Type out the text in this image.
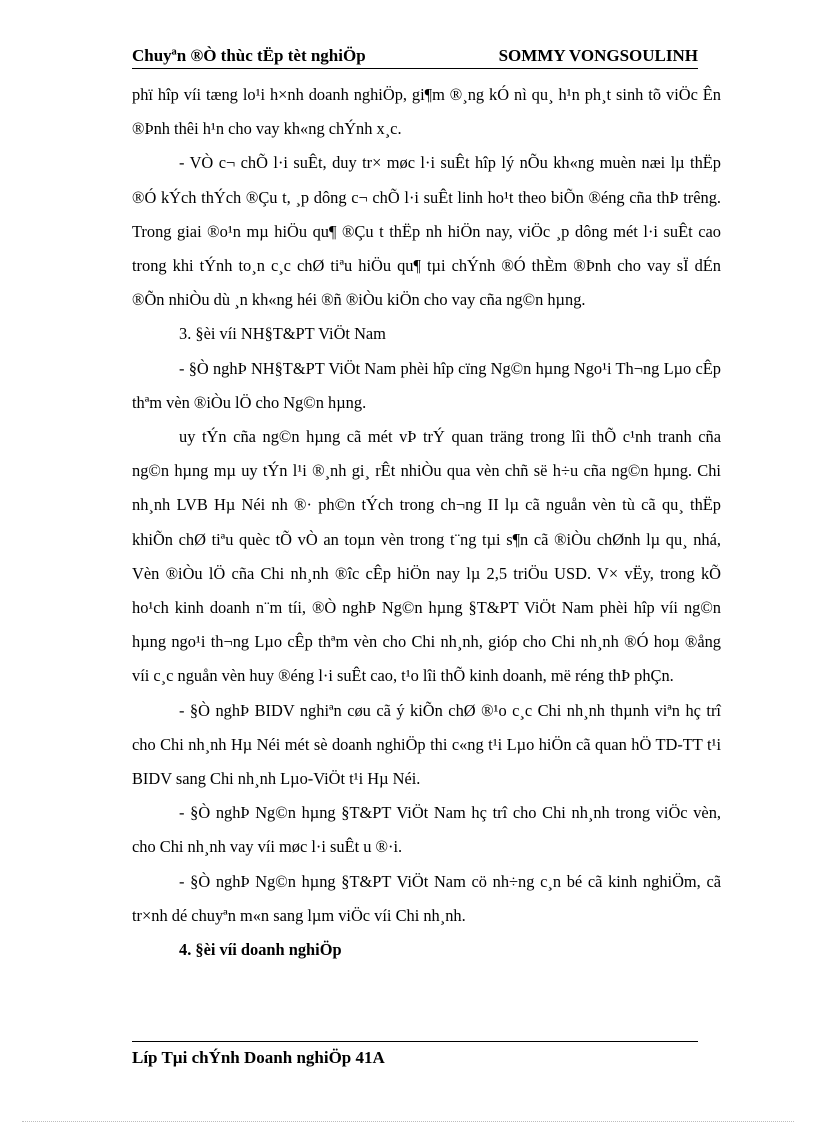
Chuyªn ®Ò thùc tËp tèt nghiÖp	SOMMY VONGSOULINH

phï hîp víi tæng lo¹i h×nh doanh nghiÖp, gi¶m ®¸ng kÓ nì qu¸ h¹n ph¸t sinh tõ viÖc Ên ®Þnh thêi h¹n cho vay kh«ng chÝnh x¸c.

- VÒ c¬ chÕ l·i suÊt, duy tr× møc l·i suÊt hîp lý nÕu kh«ng muèn næi lµ thËp ®Ó kÝch thÝch ®Çu t, ¸p dông c¬ chÕ l·i suÊt linh ho¹t theo biÕn ®éng cña thÞ trêng. Trong giai ®o¹n mµ hiÖu qu¶ ®Çu t thËp nh hiÖn nay, viÖc ¸p dông mét l·i suÊt cao trong khi tÝnh to¸n c¸c chØ tiªu hiÖu qu¶ tµi chÝnh ®Ó thÈm ®Þnh cho vay sÏ dÉn ®Õn nhiÒu dù ¸n kh«ng héi ®ñ ®iÒu kiÖn cho vay cña ng©n hµng.

3. §èi víi NH§T&PT ViÖt Nam

- §Ò nghÞ NH§T&PT ViÖt Nam phèi hîp cïng Ng©n hµng Ngo¹i Th¬ng Lµo cÊp thªm vèn ®iÒu lÖ cho Ng©n hµng.

uy tÝn cña ng©n hµng cã mét vÞ trÝ quan träng trong lîi thÕ c¹nh tranh cña ng©n hµng mµ uy tÝn l¹i ®¸nh gi¸ rÊt nhiÒu qua vèn chñ së h÷u cña ng©n hµng. Chi nh¸nh LVB Hµ Néi nh ®· ph©n tÝch trong ch¬ng II lµ cã nguån vèn tù cã qu¸ thËp khiÕn chØ tiªu quèc tÕ vÒ an toµn vèn trong t¨ng tµi s¶n cã ®iÒu chØnh lµ qu¸ nhá, Vèn ®iÒu lÖ cña Chi nh¸nh ®îc cÊp hiÖn nay lµ 2,5 triÖu USD. V× vËy, trong kÕ ho¹ch kinh doanh n¨m tíi, ®Ò nghÞ Ng©n hµng §T&PT ViÖt Nam phèi hîp víi ng©n hµng ngo¹i th¬ng Lµo cÊp thªm vèn cho Chi nh¸nh, gióp cho Chi nh¸nh ®Ó hoµ ®ång víi c¸c nguån vèn huy ®éng l·i suÊt cao, t¹o lîi thÕ kinh doanh, më réng thÞ phÇn.

- §Ò nghÞ BIDV nghiªn cøu cã ý kiÕn chØ ®¹o c¸c Chi nh¸nh thµnh viªn hç trî cho Chi nh¸nh Hµ Néi mét sè doanh nghiÖp thi c«ng t¹i Lµo hiÖn cã quan hÖ TD-TT t¹i BIDV sang Chi nh¸nh Lµo-ViÖt t¹i Hµ Néi.

- §Ò nghÞ Ng©n hµng §T&PT ViÖt Nam hç trî cho Chi nh¸nh trong viÖc vèn, cho Chi nh¸nh vay víi møc l·i suÊt u ®·i.

- §Ò nghÞ Ng©n hµng §T&PT ViÖt Nam cö nh÷ng c¸n bé cã kinh nghiÖm, cã tr×nh dé chuyªn m«n sang lµm viÖc víi Chi nh¸nh.

4. §èi víi doanh nghiÖp

Líp Tµi chÝnh Doanh nghiÖp 41A
